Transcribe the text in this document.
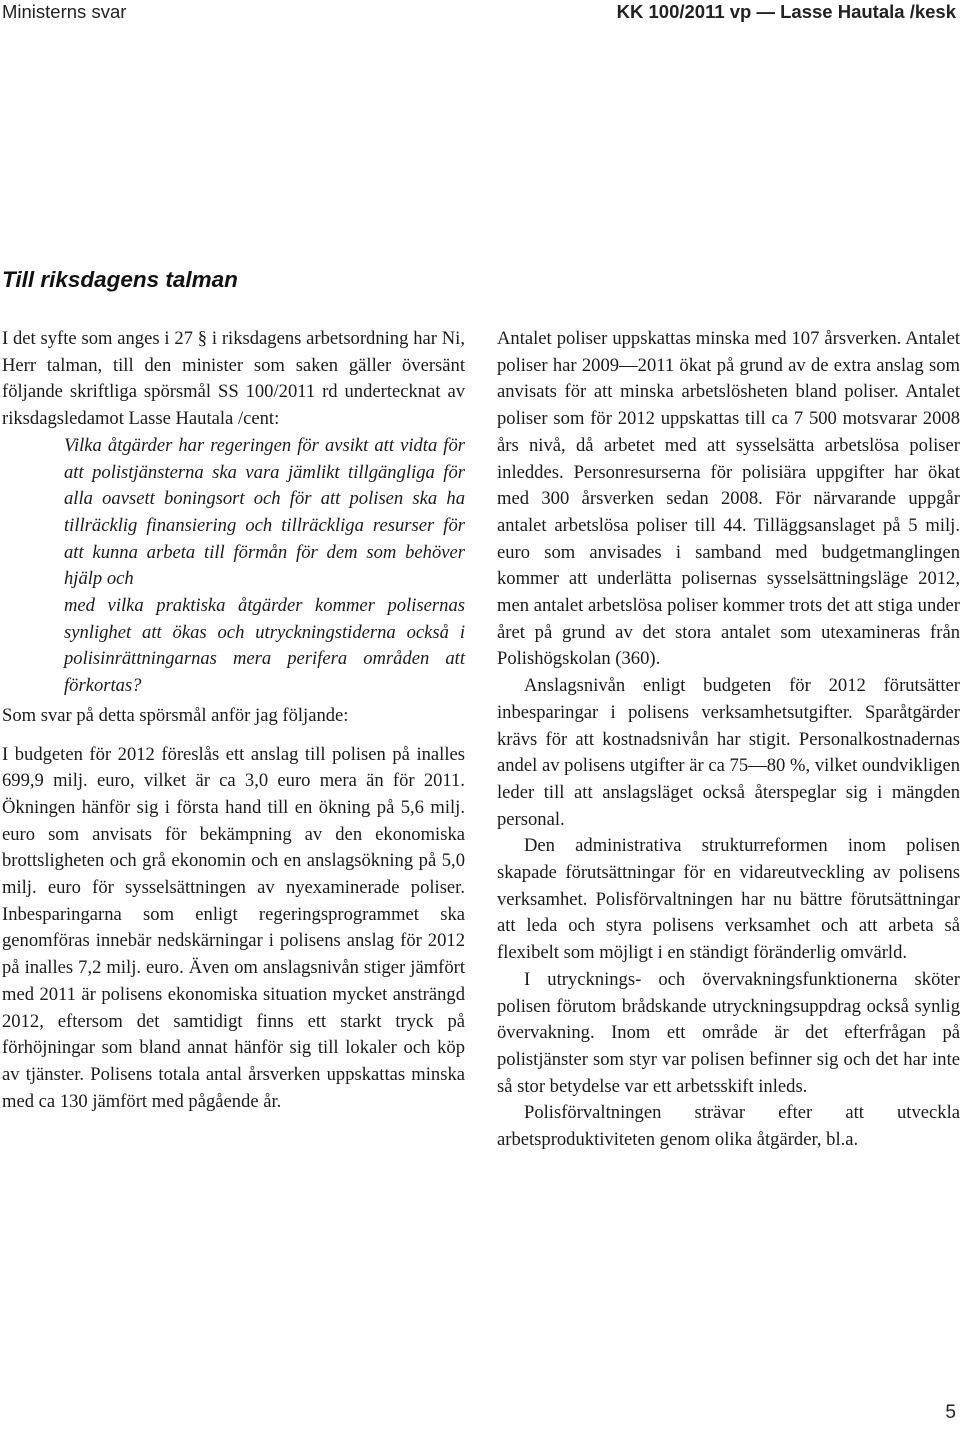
Ministerns svar	KK 100/2011 vp — Lasse Hautala /kesk
Till riksdagens talman

I det syfte som anges i 27 § i riksdagens arbetsordning har Ni, Herr talman, till den minister som saken gäller översänt följande skriftliga spörsmål SS 100/2011 rd undertecknat av riksdagsledamot Lasse Hautala /cent:

Vilka åtgärder har regeringen för avsikt att vidta för att polistjänsterna ska vara jämlikt tillgängliga för alla oavsett boningsort och för att polisen ska ha tillräcklig finansiering och tillräckliga resurser för att kunna arbeta till förmån för dem som behöver hjälp och

med vilka praktiska åtgärder kommer polisernas synlighet att ökas och utryckningstiderna också i polisinrättningarnas mera perifera områden att förkortas?

Som svar på detta spörsmål anför jag följande:

I budgeten för 2012 föreslås ett anslag till polisen på inalles 699,9 milj. euro, vilket är ca 3,0 euro mera än för 2011. Ökningen hänför sig i första hand till en ökning på 5,6 milj. euro som anvisats för bekämpning av den ekonomiska brottsligheten och grå ekonomin och en anslagsökning på 5,0 milj. euro för sysselsättningen av nyexaminerade poliser. Inbesparingarna som enligt regeringsprogrammet ska genomföras innebär nedskärningar i polisens anslag för 2012 på inalles 7,2 milj. euro. Även om anslagsnivån stiger jämfört med 2011 är polisens ekonomiska situation mycket ansträngd 2012, eftersom det samtidigt finns ett starkt tryck på förhöjningar som bland annat hänför sig till lokaler och köp av tjänster. Polisens totala antal årsverken uppskattas minska med ca 130 jämfört med pågående år.

Antalet poliser uppskattas minska med 107 årsverken. Antalet poliser har 2009—2011 ökat på grund av de extra anslag som anvisats för att minska arbetslösheten bland poliser. Antalet poliser som för 2012 uppskattas till ca 7 500 motsvarar 2008 års nivå, då arbetet med att sysselsätta arbetslösa poliser inleddes. Personresurserna för polisiära uppgifter har ökat med 300 årsverken sedan 2008. För närvarande uppgår antalet arbetslösa poliser till 44. Tilläggsanslaget på 5 milj. euro som anvisades i samband med budgetmanglingen kommer att underlätta polisernas sysselsättningsläge 2012, men antalet arbetslösa poliser kommer trots det att stiga under året på grund av det stora antalet som utexamineras från Polishögskolan (360).

Anslagsnivån enligt budgeten för 2012 förutsätter inbesparingar i polisens verksamhetsutgifter. Sparåtgärder krävs för att kostnadsnivån har stigit. Personalkostnadernas andel av polisens utgifter är ca 75—80 %, vilket oundvikligen leder till att anslagsläget också återspeglar sig i mängden personal.

Den administrativa strukturreformen inom polisen skapade förutsättningar för en vidareutveckling av polisens verksamhet. Polisförvaltningen har nu bättre förutsättningar att leda och styra polisens verksamhet och att arbeta så flexibelt som möjligt i en ständigt föränderlig omvärld.

I utrycknings- och övervakningsfunktionerna sköter polisen förutom brådskande utryckningsuppdrag också synlig övervakning. Inom ett område är det efterfrågan på polistjänster som styr var polisen befinner sig och det har inte så stor betydelse var ett arbetsskift inleds.

Polisförvaltningen strävar efter att utveckla arbetsproduktiviteten genom olika åtgärder, bl.a.

5
